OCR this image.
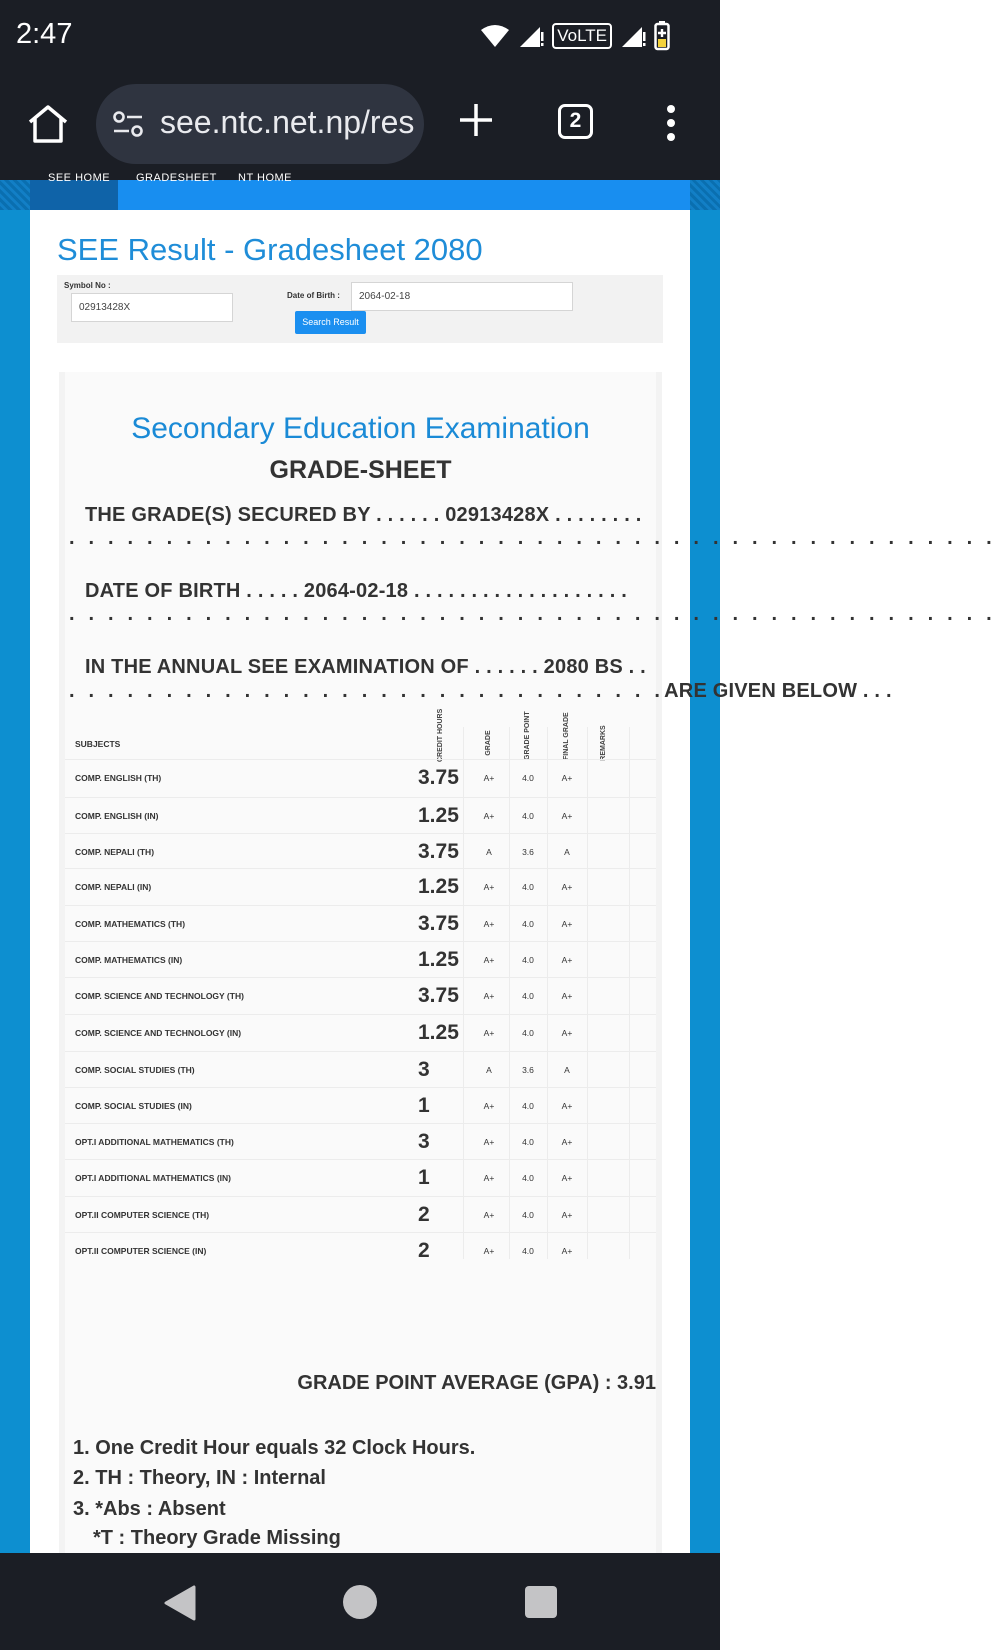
2:47	VoLTE
see.ntc.net.np/res	2
SEE HOME GRADESHEET NT HOME
SEE Result - Gradesheet 2080
Symbol No :
02913428X
Date of Birth :	2064-02-18
Search Result
Secondary Education Examination
GRADE-SHEET
THE GRADE(S) SECURED BY . . . . . . 02913428X . . . . . . . .
. . . . . . . . . . . . . . . . . . . . . . . . . . . . . . . . . . . . . . . . . . . . . . . .
DATE OF BIRTH . . . . . 2064-02-18 . . . . . . . . . . . . . . . . . . .
. . . . . . . . . . . . . . . . . . . . . . . . . . . . . . . . . . . . . . . . . . . . . . . .
IN THE ANNUAL SEE EXAMINATION OF . . . . . . 2080 BS . .
. . . . . . . . . . . . . . . . . . . . . . . . . . . . . . .ARE GIVEN BELOW . . .
SUBJECTS	CREDIT HOURS	GRADE	GRADE POINT	FINAL GRADE	REMARKS
COMP. ENGLISH (TH)	3.75	A+	4.0	A+
COMP. ENGLISH (IN)	1.25	A+	4.0	A+
COMP. NEPALI (TH)	3.75	A	3.6	A
COMP. NEPALI (IN)	1.25	A+	4.0	A+
COMP. MATHEMATICS (TH)	3.75	A+	4.0	A+
COMP. MATHEMATICS (IN)	1.25	A+	4.0	A+
COMP. SCIENCE AND TECHNOLOGY (TH)	3.75	A+	4.0	A+
COMP. SCIENCE AND TECHNOLOGY (IN)	1.25	A+	4.0	A+
COMP. SOCIAL STUDIES (TH)	3	A	3.6	A
COMP. SOCIAL STUDIES (IN)	1	A+	4.0	A+
OPT.I ADDITIONAL MATHEMATICS (TH)	3	A+	4.0	A+
OPT.I ADDITIONAL MATHEMATICS (IN)	1	A+	4.0	A+
OPT.II COMPUTER SCIENCE (TH)	2	A+	4.0	A+
OPT.II COMPUTER SCIENCE (IN)	2	A+	4.0	A+
GRADE POINT AVERAGE (GPA) : 3.91
1. One Credit Hour equals 32 Clock Hours.
2. TH : Theory, IN : Internal
3. *Abs : Absent
*T : Theory Grade Missing
